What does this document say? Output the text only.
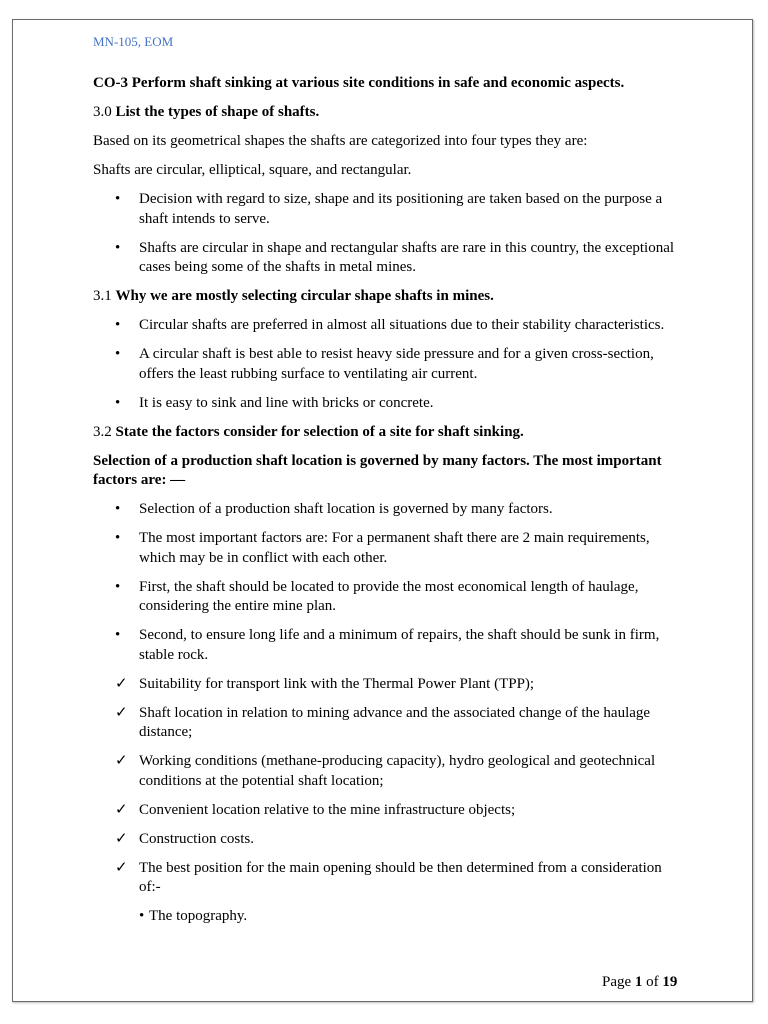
MN-105, EOM

CO-3 Perform shaft sinking at various site conditions in safe and economic aspects.

3.0 List the types of shape of shafts.

Based on its geometrical shapes the shafts are categorized into four types they are:

Shafts are circular, elliptical, square, and rectangular.

• Decision with regard to size, shape and its positioning are taken based on the purpose a shaft intends to serve.
• Shafts are circular in shape and rectangular shafts are rare in this country, the exceptional cases being some of the shafts in metal mines.

3.1 Why we are mostly selecting circular shape shafts in mines.

• Circular shafts are preferred in almost all situations due to their stability characteristics.
• A circular shaft is best able to resist heavy side pressure and for a given cross-section, offers the least rubbing surface to ventilating air current.
• It is easy to sink and line with bricks or concrete.

3.2 State the factors consider for selection of a site for shaft sinking.

Selection of a production shaft location is governed by many factors. The most important factors are: —

• Selection of a production shaft location is governed by many factors.
• The most important factors are: For a permanent shaft there are 2 main requirements, which may be in conflict with each other.
• First, the shaft should be located to provide the most economical length of haulage, considering the entire mine plan.
• Second, to ensure long life and a minimum of repairs, the shaft should be sunk in firm, stable rock.
✓ Suitability for transport link with the Thermal Power Plant (TPP);
✓ Shaft location in relation to mining advance and the associated change of the haulage distance;
✓ Working conditions (methane-producing capacity), hydro geological and geotechnical conditions at the potential shaft location;
✓ Convenient location relative to the mine infrastructure objects;
✓ Construction costs.
✓ The best position for the main opening should be then determined from a consideration of:-
• The topography.
Page 1 of 19
